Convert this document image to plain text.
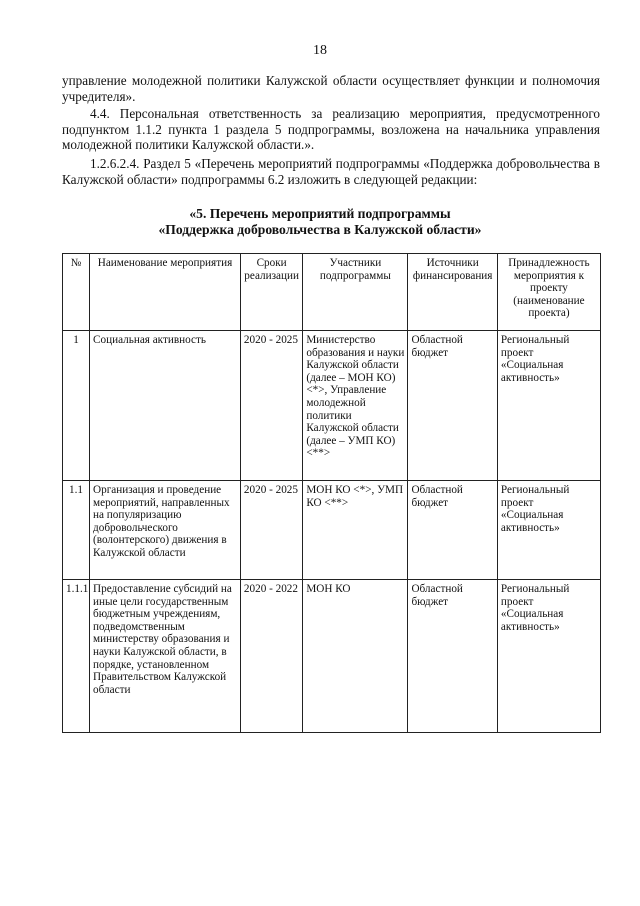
18
управление молодежной политики Калужской области осуществляет функции и полномочия учредителя».
4.4. Персональная ответственность за реализацию мероприятия, предусмотренного подпунктом 1.1.2 пункта 1 раздела 5 подпрограммы, возложена на начальника управления молодежной политики Калужской области.».
1.2.6.2.4. Раздел 5 «Перечень мероприятий подпрограммы «Поддержка добровольчества в Калужской области» подпрограммы 6.2 изложить в следующей редакции:
«5. Перечень мероприятий подпрограммы
«Поддержка добровольчества в Калужской области»
№	Наименование мероприятия	Сроки реализации	Участники подпрограммы	Источники финансирования	Принадлежность мероприятия к проекту (наименование проекта)
1	Социальная активность	2020 - 2025	Министерство образования и науки Калужской области (далее – МОН КО) <*>, Управление молодежной политики Калужской области (далее – УМП КО) <**>	Областной бюджет	Региональный проект «Социальная активность»
1.1	Организация и проведение мероприятий, направленных на популяризацию добровольческого (волонтерского) движения в Калужской области	2020 - 2025	МОН КО <*>, УМП КО <**>	Областной бюджет	Региональный проект «Социальная активность»
1.1.1	Предоставление субсидий на иные цели государственным бюджетным учреждениям, подведомственным министерству образования и науки Калужской области, в порядке, установленном Правительством Калужской области	2020 - 2022	МОН КО	Областной бюджет	Региональный проект «Социальная активность»
